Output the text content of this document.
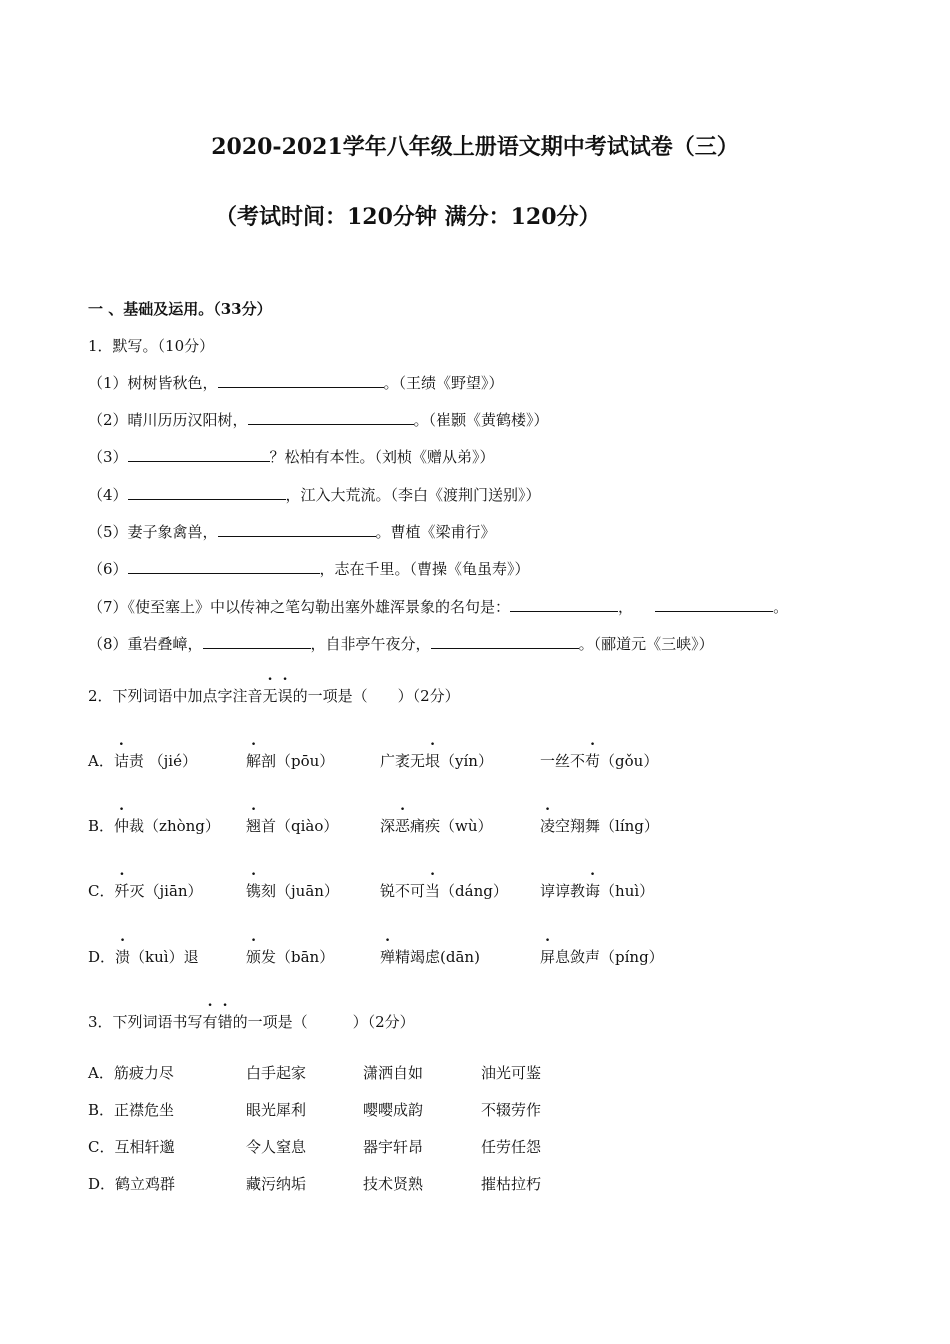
2020-2021学年八年级上册语文期中考试试卷（三）
（考试时间：120分钟 满分：120分）
一 、基础及运用。（33分）
1．默写。（10分）
（1）树树皆秋色，	。（王绩《野望》）
（2）晴川历历汉阳树，	。（崔颢《黄鹤楼》）
（3）	？松柏有本性。（刘桢《赠从弟》）
（4）	，江入大荒流。（李白《渡荆门送别》）
（5）妻子象禽兽，	。曹植《梁甫行》
（6）	，志在千里。（曹操《龟虽寿》）
（7）《使至塞上》中以传神之笔勾勒出塞外雄浑景象的名句是：	，	。
（8）重岩叠嶂，	，自非亭午夜分，	。（郦道元《三峡》）
2．下列词语中加点字注音无误的一项是（　　）（2分）
A．诘责 （jié）	解剖（pōu）	广袤无垠（yín）	一丝不苟（gǒu）
B．仲裁（zhòng） 翘首（qiào）	深恶痛疾（wù）	凌空翔舞（líng）
C．歼灭（jiān）	镌刻（juān）	锐不可当（dáng） 谆谆教诲（huì）
D．溃（kuì）退	颁发（bān）	殚精竭虑(dān)	屏息敛声（píng）
3．下列词语书写有错的一项是（　　　）（2分）
A．筋疲力尽	白手起家	潇洒自如	油光可鉴
B．正襟危坐	眼光犀利	嘤嘤成韵	不辍劳作
C．互相轩邈	令人窒息	器宇轩昂	任劳任怨
D．鹤立鸡群	藏污纳垢	技术贤熟	摧枯拉朽
